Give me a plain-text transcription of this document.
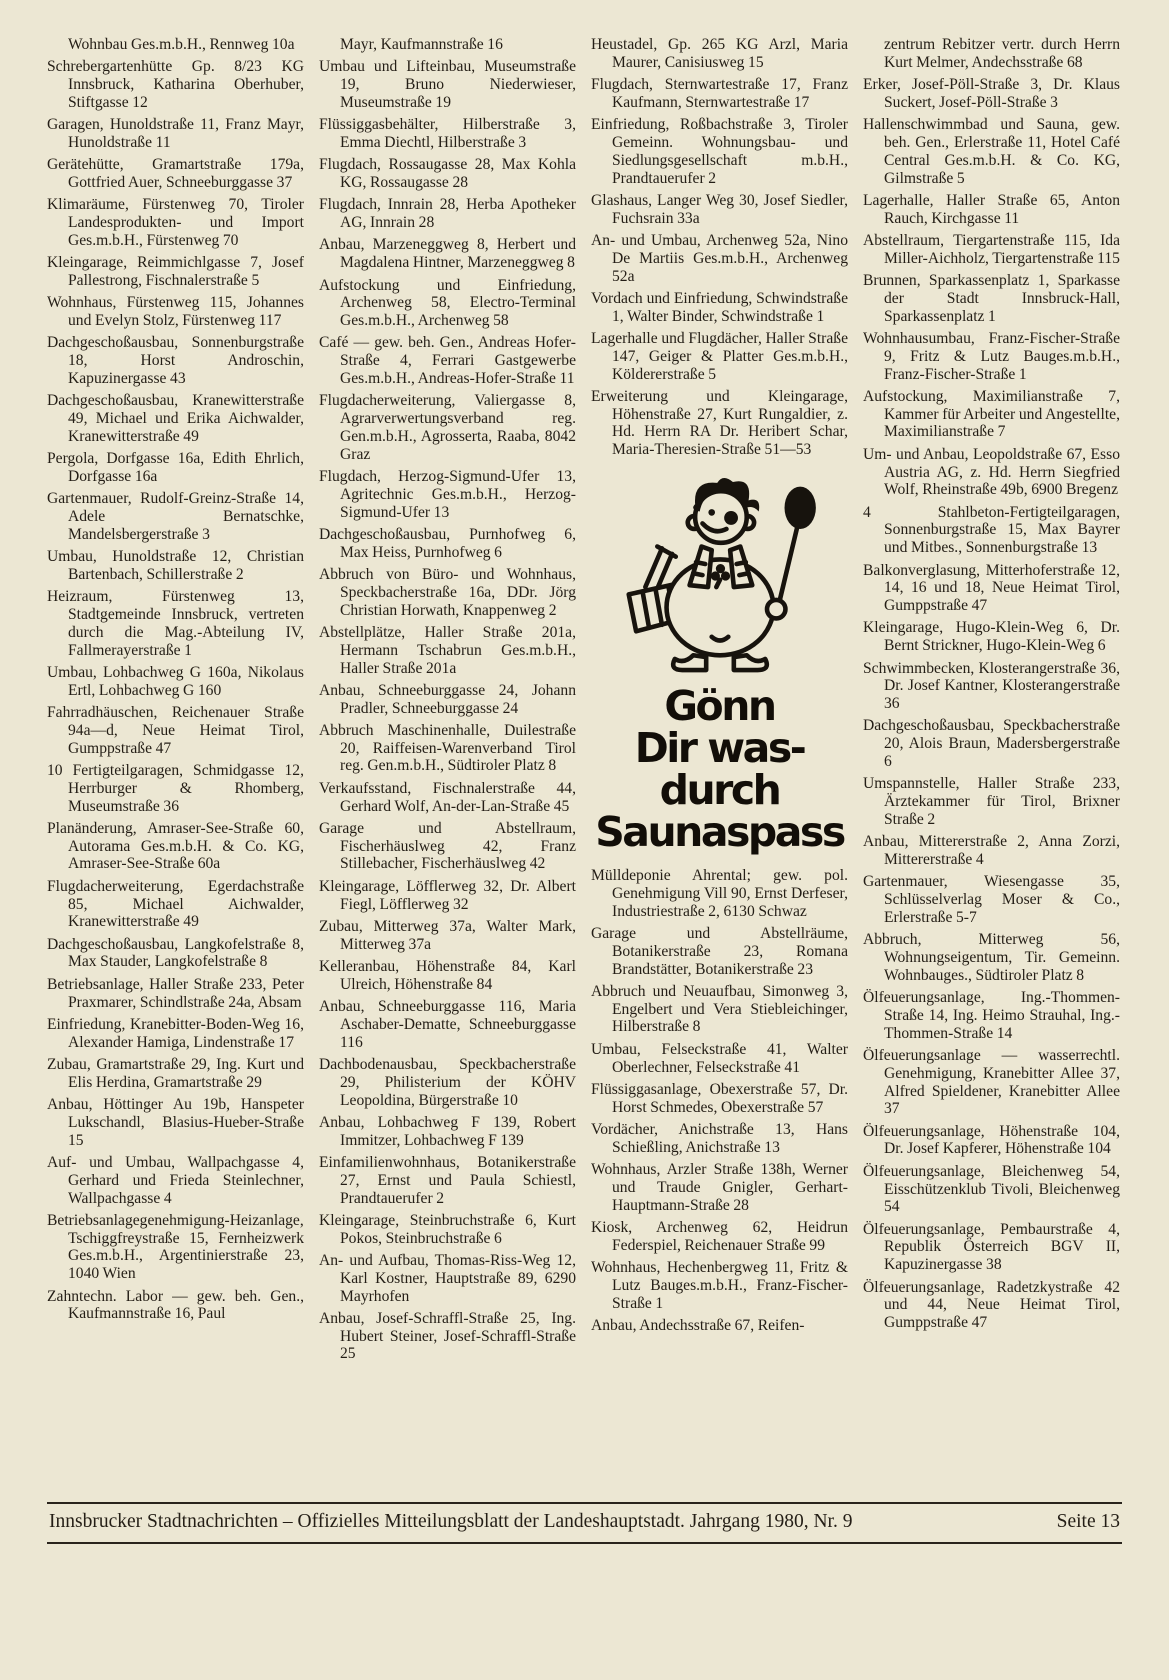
Wohnbau Ges.m.b.H., Rennweg 10a

Schrebergartenhütte Gp. 8/23 KG Innsbruck, Katharina Oberhuber, Stiftgasse 12

Garagen, Hunoldstraße 11, Franz Mayr, Hunoldstraße 11

Gerätehütte, Gramartstraße 179a, Gottfried Auer, Schneeburggasse 37

Klimaräume, Fürstenweg 70, Tiroler Landesprodukten- und Import Ges.m.b.H., Fürstenweg 70

Kleingarage, Reimmichlgasse 7, Josef Pallestrong, Fischnalerstraße 5

Wohnhaus, Fürstenweg 115, Johannes und Evelyn Stolz, Fürstenweg 117

Dachgeschoßausbau, Sonnenburgstraße 18, Horst Androschin, Kapuzinergasse 43

Dachgeschoßausbau, Kranewitterstraße 49, Michael und Erika Aichwalder, Kranewitterstraße 49

Pergola, Dorfgasse 16a, Edith Ehrlich, Dorfgasse 16a

Gartenmauer, Rudolf-Greinz-Straße 14, Adele Bernatschke, Mandelsbergerstraße 3

Umbau, Hunoldstraße 12, Christian Bartenbach, Schillerstraße 2

Heizraum, Fürstenweg 13, Stadtgemeinde Innsbruck, vertreten durch die Mag.-Abteilung IV, Fallmerayerstraße 1

Umbau, Lohbachweg G 160a, Nikolaus Ertl, Lohbachweg G 160

Fahrradhäuschen, Reichenauer Straße 94a—d, Neue Heimat Tirol, Gumppstraße 47

10 Fertigteilgaragen, Schmidgasse 12, Herrburger & Rhomberg, Museumstraße 36

Planänderung, Amraser-See-Straße 60, Autorama Ges.m.b.H. & Co. KG, Amraser-See-Straße 60a

Flugdacherweiterung, Egerdachstraße 85, Michael Aichwalder, Kranewitterstraße 49

Dachgeschoßausbau, Langkofelstraße 8, Max Stauder, Langkofelstraße 8

Betriebsanlage, Haller Straße 233, Peter Praxmarer, Schindlstraße 24a, Absam

Einfriedung, Kranebitter-Boden-Weg 16, Alexander Hamiga, Lindenstraße 17

Zubau, Gramartstraße 29, Ing. Kurt und Elis Herdina, Gramartstraße 29

Anbau, Höttinger Au 19b, Hanspeter Lukschandl, Blasius-Hueber-Straße 15

Auf- und Umbau, Wallpachgasse 4, Gerhard und Frieda Steinlechner, Wallpachgasse 4

Betriebsanlagegenehmigung-Heizanlage, Tschiggfreystraße 15, Fernheizwerk Ges.m.b.H., Argentinierstraße 23, 1040 Wien

Zahntechn. Labor — gew. beh. Gen., Kaufmannstraße 16, Paul

Mayr, Kaufmannstraße 16

Umbau und Lifteinbau, Museumstraße 19, Bruno Niederwieser, Museumstraße 19

Flüssiggasbehälter, Hilberstraße 3, Emma Diechtl, Hilberstraße 3

Flugdach, Rossaugasse 28, Max Kohla KG, Rossaugasse 28

Flugdach, Innrain 28, Herba Apotheker AG, Innrain 28

Anbau, Marzeneggweg 8, Herbert und Magdalena Hintner, Marzeneggweg 8

Aufstockung und Einfriedung, Archenweg 58, Electro-Terminal Ges.m.b.H., Archenweg 58

Café — gew. beh. Gen., Andreas Hofer-Straße 4, Ferrari Gastgewerbe Ges.m.b.H., Andreas-Hofer-Straße 11

Flugdacherweiterung, Valiergasse 8, Agrarverwertungsverband reg. Gen.m.b.H., Agrosserta, Raaba, 8042 Graz

Flugdach, Herzog-Sigmund-Ufer 13, Agritechnic Ges.m.b.H., Herzog-Sigmund-Ufer 13

Dachgeschoßausbau, Purnhofweg 6, Max Heiss, Purnhofweg 6

Abbruch von Büro- und Wohnhaus, Speckbacherstraße 16a, DDr. Jörg Christian Horwath, Knappenweg 2

Abstellplätze, Haller Straße 201a, Hermann Tschabrun Ges.m.b.H., Haller Straße 201a

Anbau, Schneeburggasse 24, Johann Pradler, Schneeburggasse 24

Abbruch Maschinenhalle, Duilestraße 20, Raiffeisen-Warenverband Tirol reg. Gen.m.b.H., Südtiroler Platz 8

Verkaufsstand, Fischnalerstraße 44, Gerhard Wolf, An-der-Lan-Straße 45

Garage und Abstellraum, Fischerhäuslweg 42, Franz Stillebacher, Fischerhäuslweg 42

Kleingarage, Löfflerweg 32, Dr. Albert Fiegl, Löfflerweg 32

Zubau, Mitterweg 37a, Walter Mark, Mitterweg 37a

Kelleranbau, Höhenstraße 84, Karl Ulreich, Höhenstraße 84

Anbau, Schneeburggasse 116, Maria Aschaber-Dematte, Schneeburggasse 116

Dachbodenausbau, Speckbacherstraße 29, Philisterium der KÖHV Leopoldina, Bürgerstraße 10

Anbau, Lohbachweg F 139, Robert Immitzer, Lohbachweg F 139

Einfamilienwohnhaus, Botanikerstraße 27, Ernst und Paula Schiestl, Prandtauerufer 2

Kleingarage, Steinbruchstraße 6, Kurt Pokos, Steinbruchstraße 6

An- und Aufbau, Thomas-Riss-Weg 12, Karl Kostner, Hauptstraße 89, 6290 Mayrhofen

Anbau, Josef-Schraffl-Straße 25, Ing. Hubert Steiner, Josef-Schraffl-Straße 25

Heustadel, Gp. 265 KG Arzl, Maria Maurer, Canisiusweg 15

Flugdach, Sternwartestraße 17, Franz Kaufmann, Sternwartestraße 17

Einfriedung, Roßbachstraße 3, Tiroler Gemeinn. Wohnungsbau- und Siedlungsgesellschaft m.b.H., Prandtauerufer 2

Glashaus, Langer Weg 30, Josef Siedler, Fuchsrain 33a

An- und Umbau, Archenweg 52a, Nino De Martiis Ges.m.b.H., Archenweg 52a

Vordach und Einfriedung, Schwindstraße 1, Walter Binder, Schwindstraße 1

Lagerhalle und Flugdächer, Haller Straße 147, Geiger & Platter Ges.m.b.H., Köldererstraße 5

Erweiterung und Kleingarage, Höhenstraße 27, Kurt Rungaldier, z. Hd. Herrn RA Dr. Heribert Schar, Maria-Theresien-Straße 51—53

Gönn
Dir was-
durch
Saunaspass

Mülldeponie Ahrental; gew. pol. Genehmigung Vill 90, Ernst Derfeser, Industriestraße 2, 6130 Schwaz

Garage und Abstellräume, Botanikerstraße 23, Romana Brandstätter, Botanikerstraße 23

Abbruch und Neuaufbau, Simonweg 3, Engelbert und Vera Stiebleichinger, Hilberstraße 8

Umbau, Felseckstraße 41, Walter Oberlechner, Felseckstraße 41

Flüssiggasanlage, Obexerstraße 57, Dr. Horst Schmedes, Obexerstraße 57

Vordächer, Anichstraße 13, Hans Schießling, Anichstraße 13

Wohnhaus, Arzler Straße 138h, Werner und Traude Gnigler, Gerhart-Hauptmann-Straße 28

Kiosk, Archenweg 62, Heidrun Federspiel, Reichenauer Straße 99

Wohnhaus, Hechenbergweg 11, Fritz & Lutz Bauges.m.b.H., Franz-Fischer-Straße 1

Anbau, Andechsstraße 67, Reifen-

zentrum Rebitzer vertr. durch Herrn Kurt Melmer, Andechsstraße 68

Erker, Josef-Pöll-Straße 3, Dr. Klaus Suckert, Josef-Pöll-Straße 3

Hallenschwimmbad und Sauna, gew. beh. Gen., Erlerstraße 11, Hotel Café Central Ges.m.b.H. & Co. KG, Gilmstraße 5

Lagerhalle, Haller Straße 65, Anton Rauch, Kirchgasse 11

Abstellraum, Tiergartenstraße 115, Ida Miller-Aichholz, Tiergartenstraße 115

Brunnen, Sparkassenplatz 1, Sparkasse der Stadt Innsbruck-Hall, Sparkassenplatz 1

Wohnhausumbau, Franz-Fischer-Straße 9, Fritz & Lutz Bauges.m.b.H., Franz-Fischer-Straße 1

Aufstockung, Maximilianstraße 7, Kammer für Arbeiter und Angestellte, Maximilianstraße 7

Um- und Anbau, Leopoldstraße 67, Esso Austria AG, z. Hd. Herrn Siegfried Wolf, Rheinstraße 49b, 6900 Bregenz

4 Stahlbeton-Fertigteilgaragen, Sonnenburgstraße 15, Max Bayrer und Mitbes., Sonnenburgstraße 13

Balkonverglasung, Mitterhoferstraße 12, 14, 16 und 18, Neue Heimat Tirol, Gumppstraße 47

Kleingarage, Hugo-Klein-Weg 6, Dr. Bernt Strickner, Hugo-Klein-Weg 6

Schwimmbecken, Klosterangerstraße 36, Dr. Josef Kantner, Klosterangerstraße 36

Dachgeschoßausbau, Speckbacherstraße 20, Alois Braun, Madersbergerstraße 6

Umspannstelle, Haller Straße 233, Ärztekammer für Tirol, Brixner Straße 2

Anbau, Mittererstraße 2, Anna Zorzi, Mittererstraße 4

Gartenmauer, Wiesengasse 35, Schlüsselverlag Moser & Co., Erlerstraße 5-7

Abbruch, Mitterweg 56, Wohnungseigentum, Tir. Gemeinn. Wohnbauges., Südtiroler Platz 8

Ölfeuerungsanlage, Ing.-Thommen-Straße 14, Ing. Heimo Strauhal, Ing.-Thommen-Straße 14

Ölfeuerungsanlage — wasserrechtl. Genehmigung, Kranebitter Allee 37, Alfred Spieldener, Kranebitter Allee 37

Ölfeuerungsanlage, Höhenstraße 104, Dr. Josef Kapferer, Höhenstraße 104

Ölfeuerungsanlage, Bleichenweg 54, Eisschützenklub Tivoli, Bleichenweg 54

Ölfeuerungsanlage, Pembaurstraße 4, Republik Österreich BGV II, Kapuzinergasse 38

Ölfeuerungsanlage, Radetzkystraße 42 und 44, Neue Heimat Tirol, Gumppstraße 47

Innsbrucker Stadtnachrichten – Offizielles Mitteilungsblatt der Landeshauptstadt. Jahrgang 1980, Nr. 9	Seite 13
